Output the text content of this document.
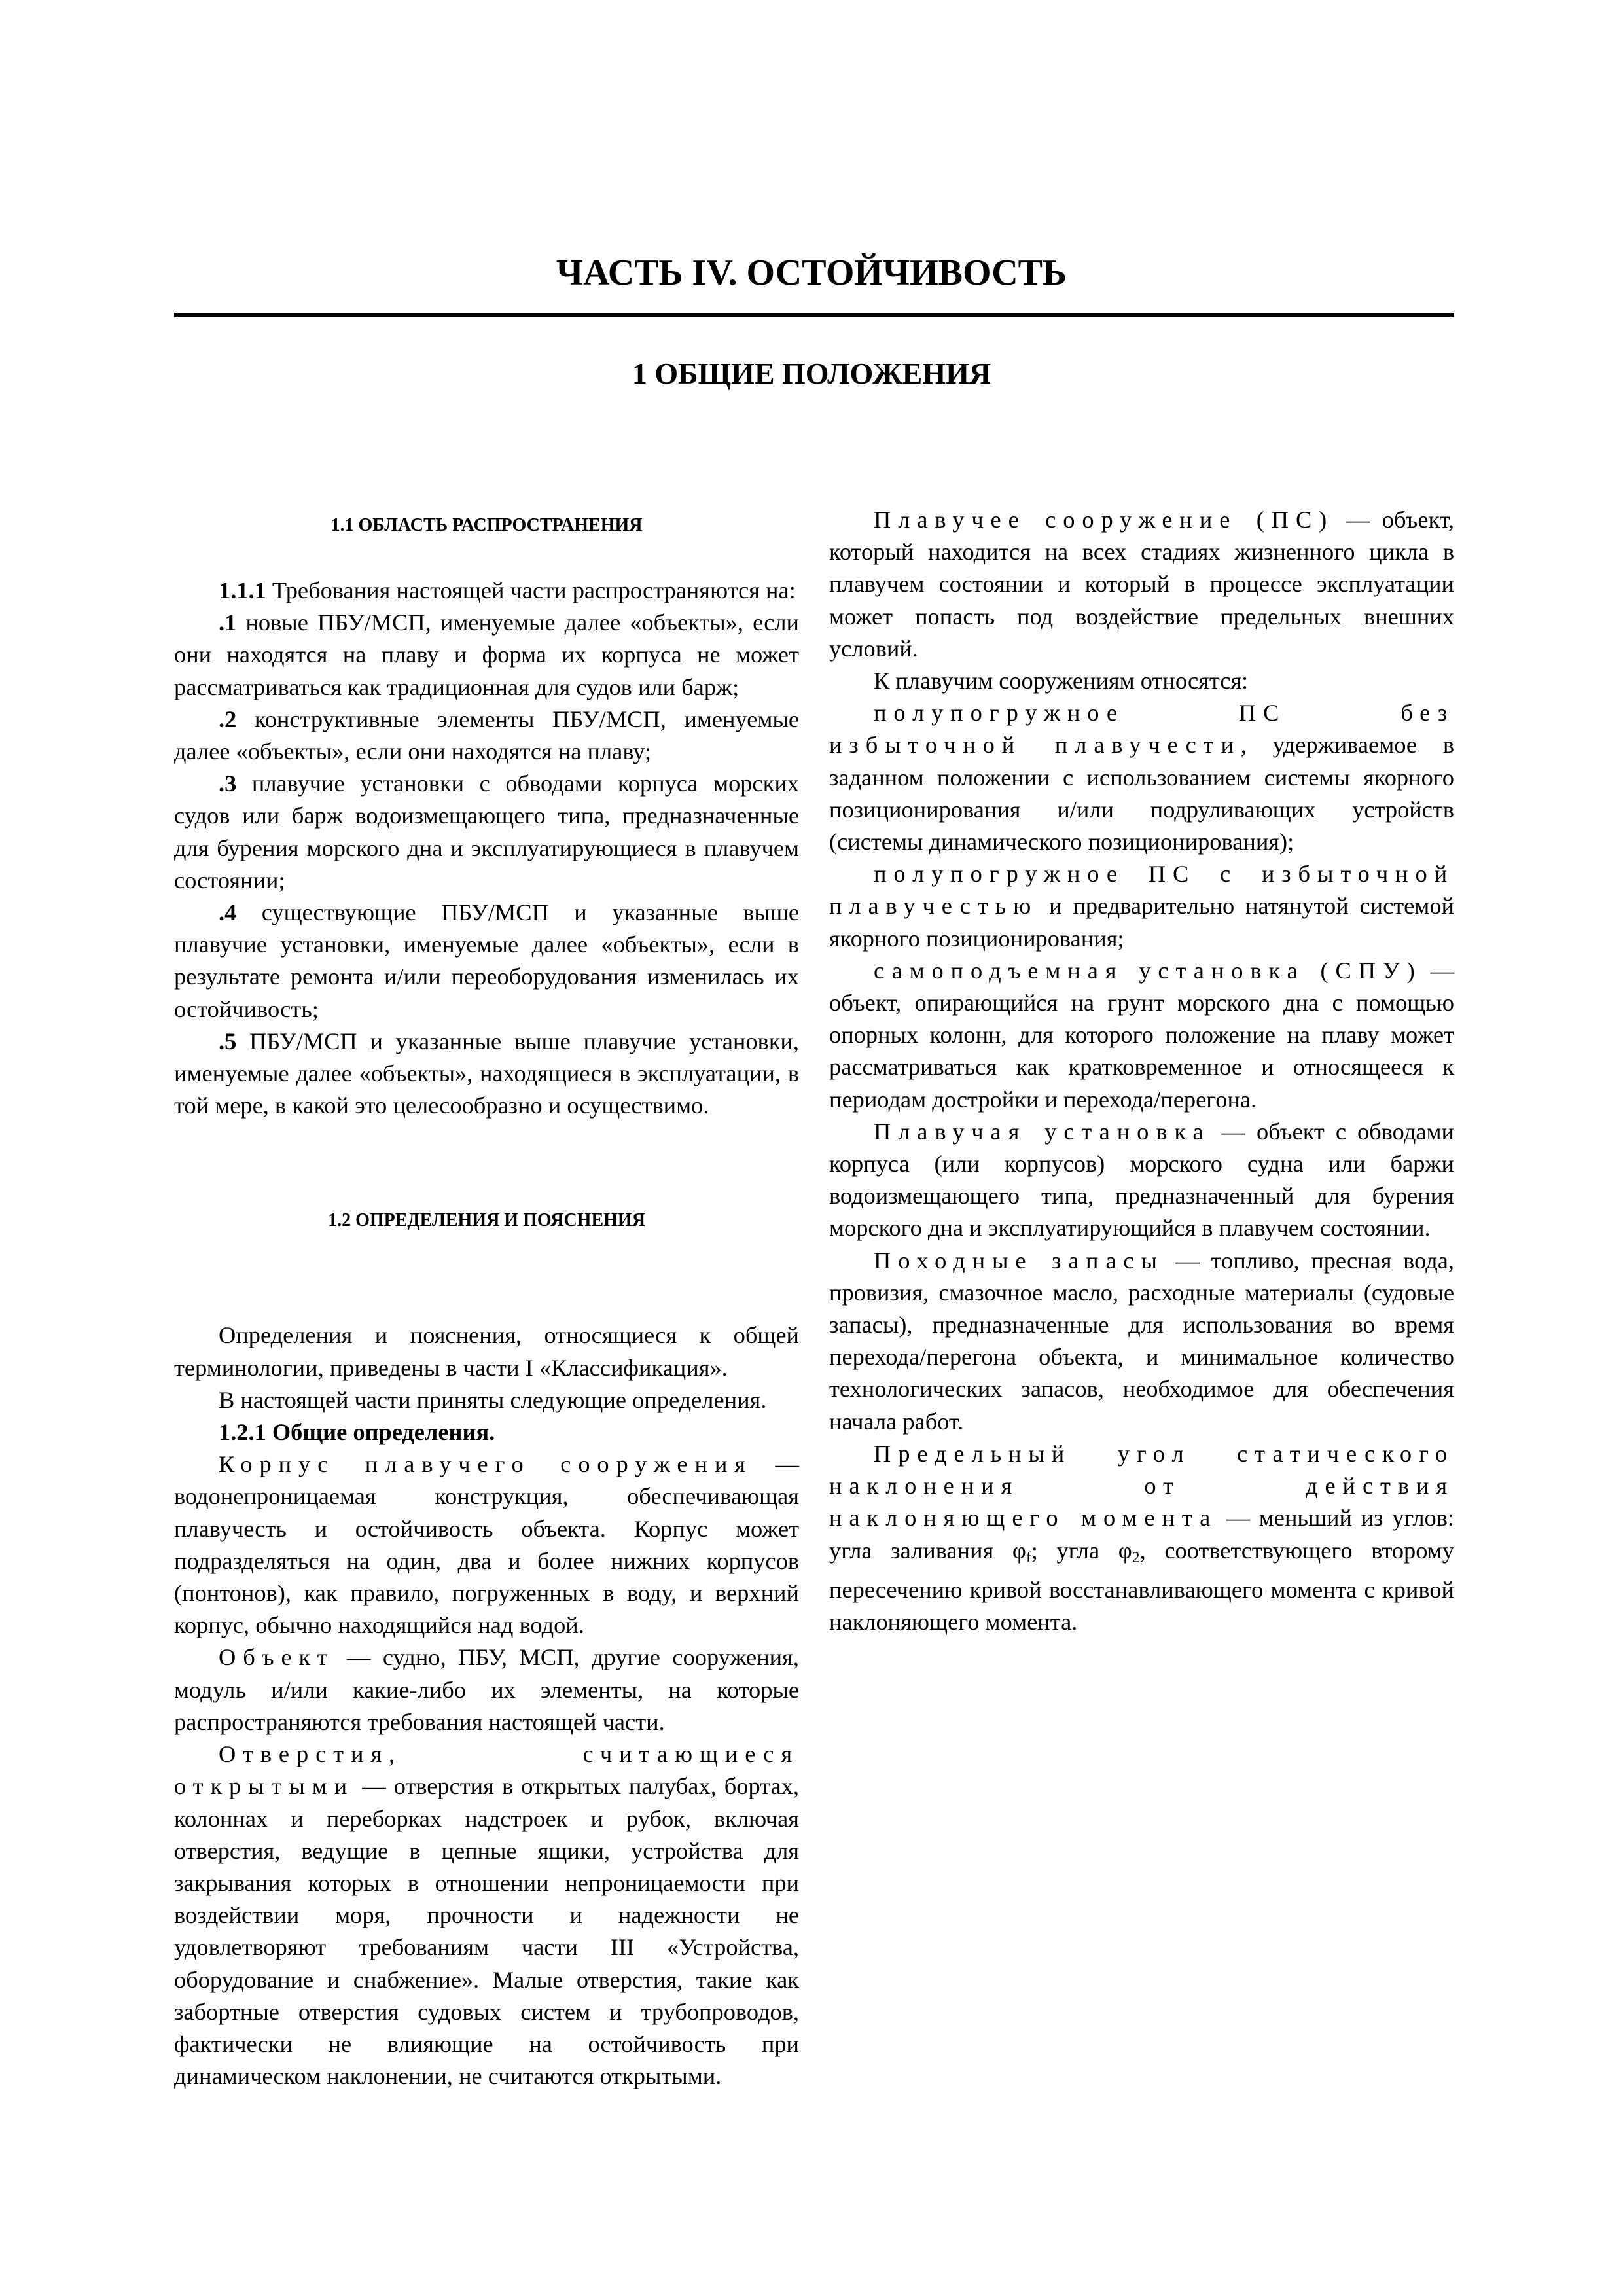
ЧАСТЬ IV. ОСТОЙЧИВОСТЬ
1 ОБЩИЕ ПОЛОЖЕНИЯ
1.1 ОБЛАСТЬ РАСПРОСТРАНЕНИЯ

1.1.1 Требования настоящей части распространяются на:

.1 новые ПБУ/МСП, именуемые далее «объекты», если они находятся на плаву и форма их корпуса не может рассматриваться как традиционная для судов или барж;

.2 конструктивные элементы ПБУ/МСП, именуемые далее «объекты», если они находятся на плаву;

.3 плавучие установки с обводами корпуса морских судов или барж водоизмещающего типа, предназначенные для бурения морского дна и эксплуатирующиеся в плавучем состоянии;

.4 существующие ПБУ/МСП и указанные выше плавучие установки, именуемые далее «объекты», если в результате ремонта и/или переоборудования изменилась их остойчивость;

.5 ПБУ/МСП и указанные выше плавучие установки, именуемые далее «объекты», находящиеся в эксплуатации, в той мере, в какой это целесообразно и осуществимо.

1.2 ОПРЕДЕЛЕНИЯ И ПОЯСНЕНИЯ

Определения и пояснения, относящиеся к общей терминологии, приведены в части I «Классификация».

В настоящей части приняты следующие определения.

1.2.1 Общие определения.

Корпус плавучего сооружения — водонепроницаемая конструкция, обеспечивающая плавучесть и остойчивость объекта. Корпус может подразделяться на один, два и более нижних корпусов (понтонов), как правило, погруженных в воду, и верхний корпус, обычно находящийся над водой.

Объект — судно, ПБУ, МСП, другие сооружения, модуль и/или какие-либо их элементы, на которые распространяются требования настоящей части.

Отверстия, считающиеся открытыми — отверстия в открытых палубах, бортах, колоннах и переборках надстроек и рубок, включая отверстия, ведущие в цепные ящики, устройства для закрывания которых в отношении непроницаемости при воздействии моря, прочности и надежности не удовлетворяют требованиям части III «Устройства, оборудование и снабжение». Малые отверстия, такие как забортные отверстия судовых систем и трубопроводов, фактически не влияющие на остойчивость при динамическом наклонении, не считаются открытыми.

Плавучее сооружение (ПС) — объект, который находится на всех стадиях жизненного цикла в плавучем состоянии и который в процессе эксплуатации может попасть под воздействие предельных внешних условий.

К плавучим сооружениям относятся:

полупогружное ПС без избыточной плавучести, удерживаемое в заданном положении с использованием системы якорного позиционирования и/или подруливающих устройств (системы динамического позиционирования);

полупогружное ПС с избыточной плавучестью и предварительно натянутой системой якорного позиционирования;

самоподъемная установка (СПУ) — объект, опирающийся на грунт морского дна с помощью опорных колонн, для которого положение на плаву может рассматриваться как кратковременное и относящееся к периодам достройки и перехода/перегона.

Плавучая установка — объект с обводами корпуса (или корпусов) морского судна или баржи водоизмещающего типа, предназначенный для бурения морского дна и эксплуатирующийся в плавучем состоянии.

Походные запасы — топливо, пресная вода, провизия, смазочное масло, расходные материалы (судовые запасы), предназначенные для использования во время перехода/перегона объекта, и минимальное количество технологических запасов, необходимое для обеспечения начала работ.

Предельный угол статического наклонения от действия наклоняющего момента — меньший из углов: угла заливания $\varphi_f$; угла $\varphi_2$, соответствующего второму пересечению кривой восстанавливающего момента с кривой наклоняющего момента.
